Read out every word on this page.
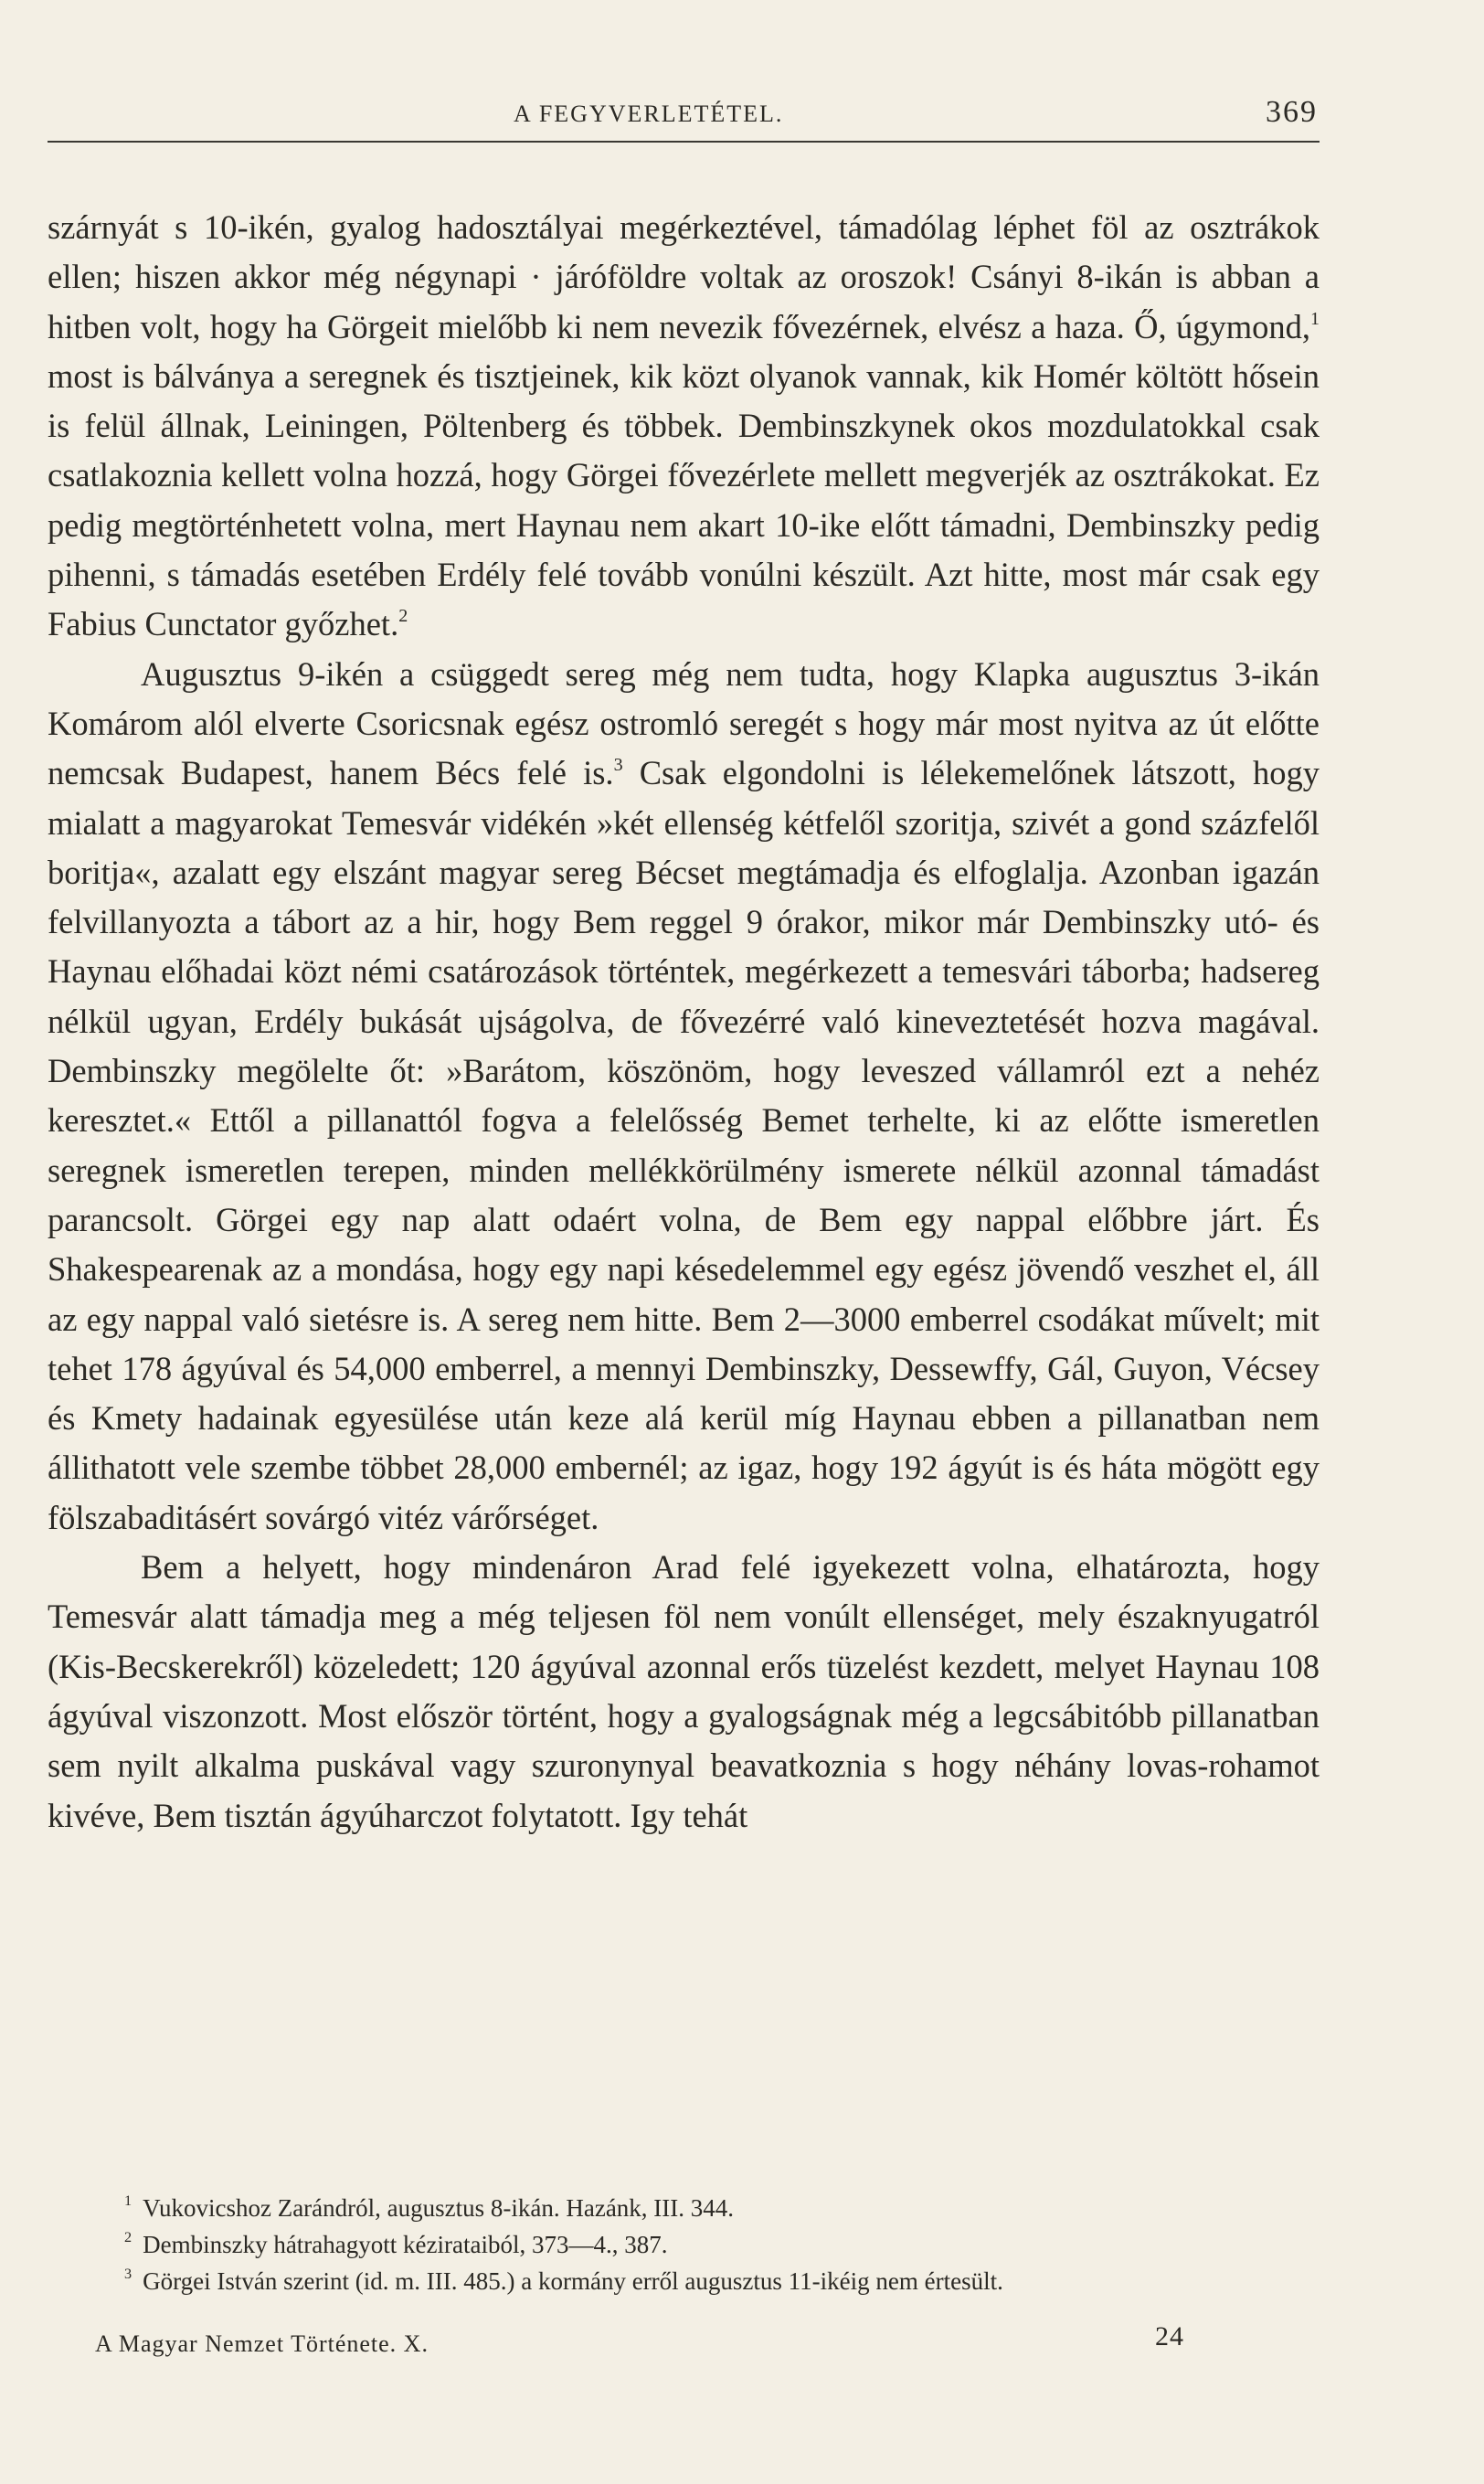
A FEGYVERLETÉTEL.	369

szárnyát s 10-ikén, gyalog hadosztályai megérkeztével, támadólag léphet föl az osztrákok ellen; hiszen akkor még négynapi · járóföldre voltak az oroszok! Csányi 8-ikán is abban a hitben volt, hogy ha Görgeit mielőbb ki nem nevezik fővezérnek, elvész a haza. Ő, úgymond,$^1$ most is bálványa a seregnek és tisztjeinek, kik közt olyanok vannak, kik Homér költött hősein is felül állnak, Leiningen, Pöltenberg és többek. Dembinszkynek okos mozdulatokkal csak csatlakoznia kellett volna hozzá, hogy Görgei fővezérlete mellett megverjék az osztrákokat. Ez pedig megtörténhetett volna, mert Haynau nem akart 10-ike előtt támadni, Dembinszky pedig pihenni, s támadás esetében Erdély felé tovább vonúlni készült. Azt hitte, most már csak egy Fabius Cunctator győzhet.$^2$

Augusztus 9-ikén a csüggedt sereg még nem tudta, hogy Klapka augusztus 3-ikán Komárom alól elverte Csoricsnak egész ostromló seregét s hogy már most nyitva az út előtte nemcsak Budapest, hanem Bécs felé is.$^3$ Csak elgondolni is lélekemelőnek látszott, hogy mialatt a magyarokat Temesvár vidékén »két ellenség kétfelől szoritja, szivét a gond százfelől boritja«, azalatt egy elszánt magyar sereg Bécset megtámadja és elfoglalja. Azonban igazán felvillanyozta a tábort az a hir, hogy Bem reggel 9 órakor, mikor már Dembinszky utó- és Haynau előhadai közt némi csatározások történtek, megérkezett a temesvári táborba; hadsereg nélkül ugyan, Erdély bukását ujságolva, de fővezérré való kineveztetését hozva magával. Dembinszky megölelte őt: »Barátom, köszönöm, hogy leveszed vállamról ezt a nehéz keresztet.« Ettől a pillanattól fogva a felelősség Bemet terhelte, ki az előtte ismeretlen seregnek ismeretlen terepen, minden mellékkörülmény ismerete nélkül azonnal támadást parancsolt. Görgei egy nap alatt odaért volna, de Bem egy nappal előbbre járt. És Shakespearenak az a mondása, hogy egy napi késedelemmel egy egész jövendő veszhet el, áll az egy nappal való sietésre is. A sereg nem hitte. Bem 2—3000 emberrel csodákat művelt; mit tehet 178 ágyúval és 54,000 emberrel, a mennyi Dembinszky, Dessewffy, Gál, Guyon, Vécsey és Kmety hadainak egyesülése után keze alá kerül míg Haynau ebben a pillanatban nem állithatott vele szembe többet 28,000 embernél; az igaz, hogy 192 ágyút is és háta mögött egy fölszabaditásért sovárgó vitéz várőrséget.

Bem a helyett, hogy mindenáron Arad felé igyekezett volna, elhatározta, hogy Temesvár alatt támadja meg a még teljesen föl nem vonúlt ellenséget, mely északnyugatról (Kis-Becskerekről) közeledett; 120 ágyúval azonnal erős tüzelést kezdett, melyet Haynau 108 ágyúval viszonzott. Most először történt, hogy a gyalogságnak még a legcsábitóbb pillanatban sem nyilt alkalma puskával vagy szuronynyal beavatkoznia s hogy néhány lovas-rohamot kivéve, Bem tisztán ágyúharczot folytatott. Igy tehát

$^1$ Vukovicshoz Zarándról, augusztus 8-ikán. Hazánk, III. 344.

$^2$ Dembinszky hátrahagyott kézirataiból, 373—4., 387.

$^3$ Görgei István szerint (id. m. III. 485.) a kormány erről augusztus 11-ikéig nem értesült.

A Magyar Nemzet Története. X.	24
